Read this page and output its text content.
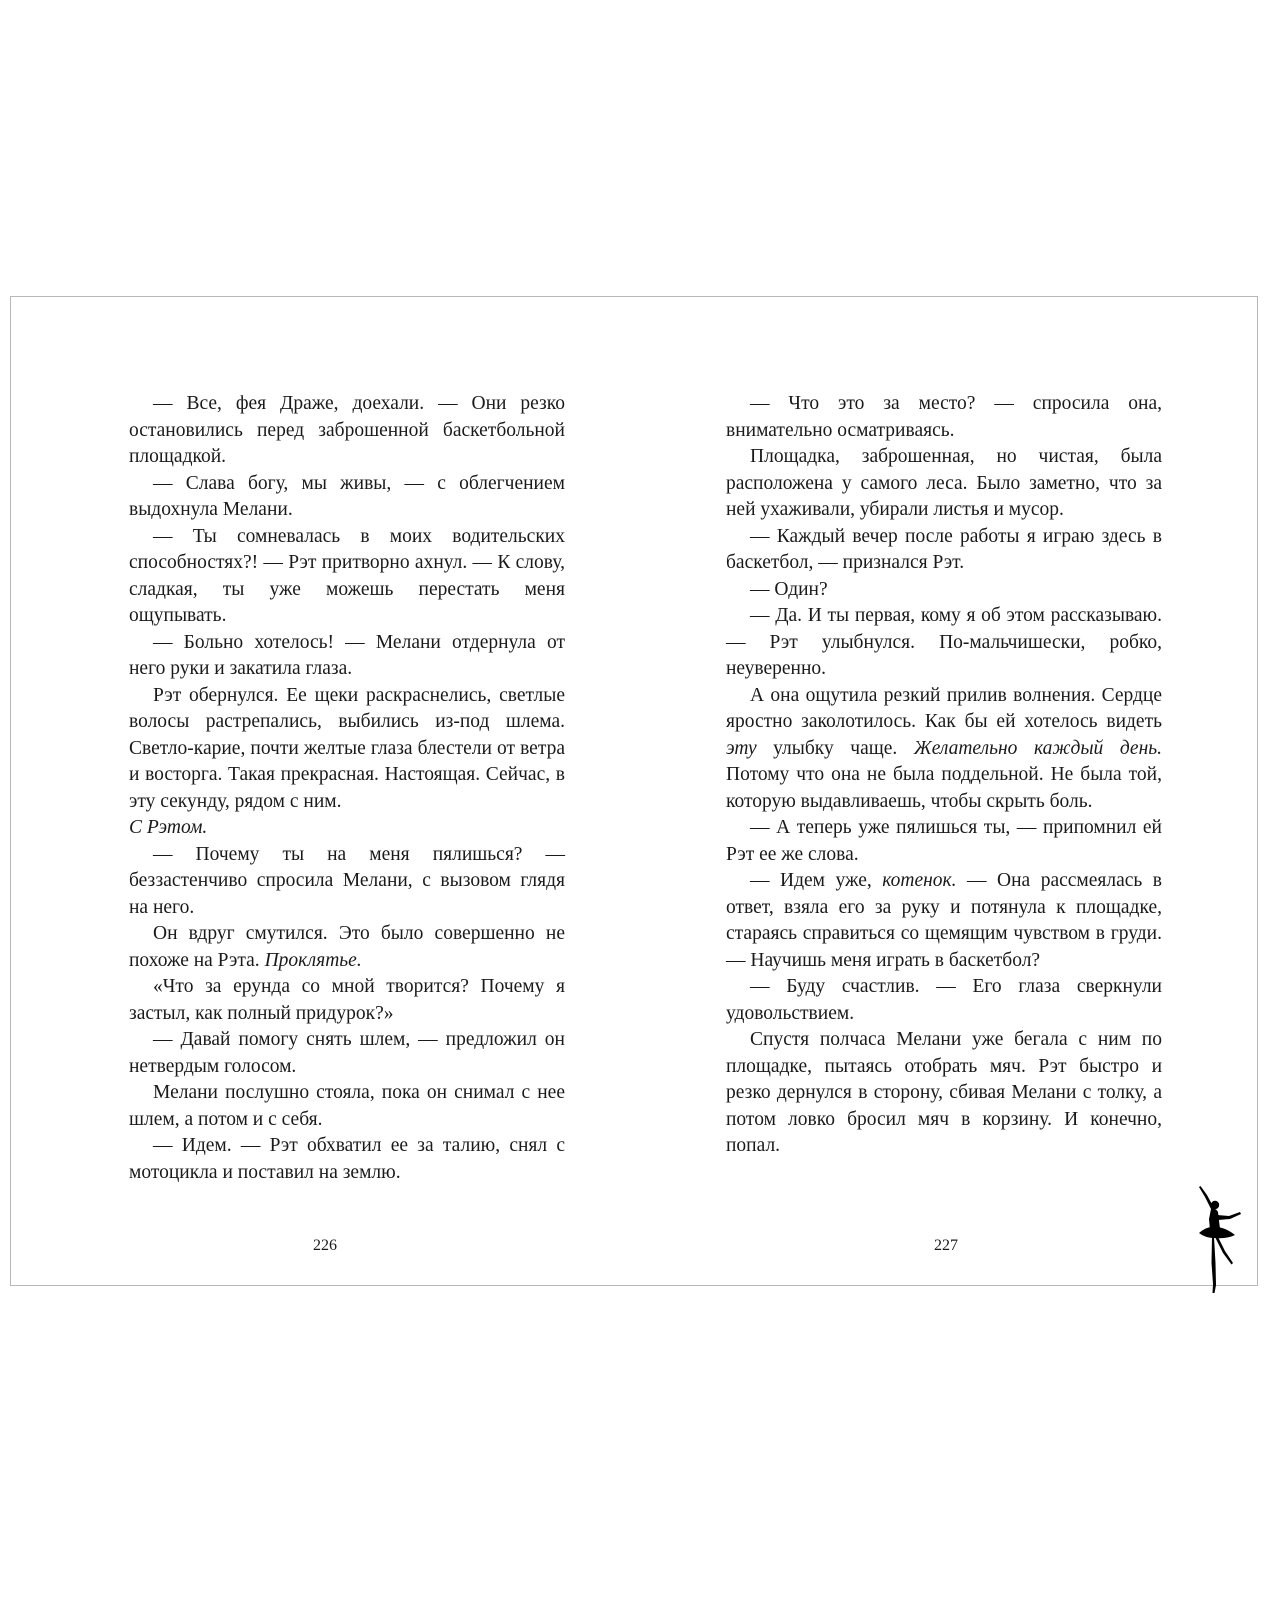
— Все, фея Драже, доехали. — Они резко остановились перед заброшенной баскетбольной площадкой.

— Слава богу, мы живы, — с облегчением выдохнула Мелани.

— Ты сомневалась в моих водительских способностях?! — Рэт притворно ахнул. — К слову, сладкая, ты уже можешь перестать меня ощупывать.

— Больно хотелось! — Мелани отдернула от него руки и закатила глаза.

Рэт обернулся. Ее щеки раскраснелись, светлые волосы растрепались, выбились из-под шлема. Светло-карие, почти желтые глаза блестели от ветра и восторга. Такая прекрасная. Настоящая. Сейчас, в эту секунду, рядом с ним.
С Рэтом.

— Почему ты на меня пялишься? — беззастенчиво спросила Мелани, с вызовом глядя на него.

Он вдруг смутился. Это было совершенно не похоже на Рэта. Проклятье.

«Что за ерунда со мной творится? Почему я застыл, как полный придурок?»

— Давай помогу снять шлем, — предложил он нетвердым голосом.

Мелани послушно стояла, пока он снимал с нее шлем, а потом и с себя.

— Идем. — Рэт обхватил ее за талию, снял с мотоцикла и поставил на землю.

226

— Что это за место? — спросила она, внимательно осматриваясь.

Площадка, заброшенная, но чистая, была расположена у самого леса. Было заметно, что за ней ухаживали, убирали листья и мусор.

— Каждый вечер после работы я играю здесь в баскетбол, — признался Рэт.

— Один?

— Да. И ты первая, кому я об этом рассказываю. — Рэт улыбнулся. По-мальчишески, робко, неуверенно.

А она ощутила резкий прилив волнения. Сердце яростно заколотилось. Как бы ей хотелось видеть эту улыбку чаще. Желательно каждый день. Потому что она не была поддельной. Не была той, которую выдавливаешь, чтобы скрыть боль.

— А теперь уже пялишься ты, — припомнил ей Рэт ее же слова.

— Идем уже, котенок. — Она рассмеялась в ответ, взяла его за руку и потянула к площадке, стараясь справиться со щемящим чувством в груди. — Научишь меня играть в баскетбол?

— Буду счастлив. — Его глаза сверкнули удовольствием.

Спустя полчаса Мелани уже бегала с ним по площадке, пытаясь отобрать мяч. Рэт быстро и резко дернулся в сторону, сбивая Мелани с толку, а потом ловко бросил мяч в корзину. И конечно, попал.

227
